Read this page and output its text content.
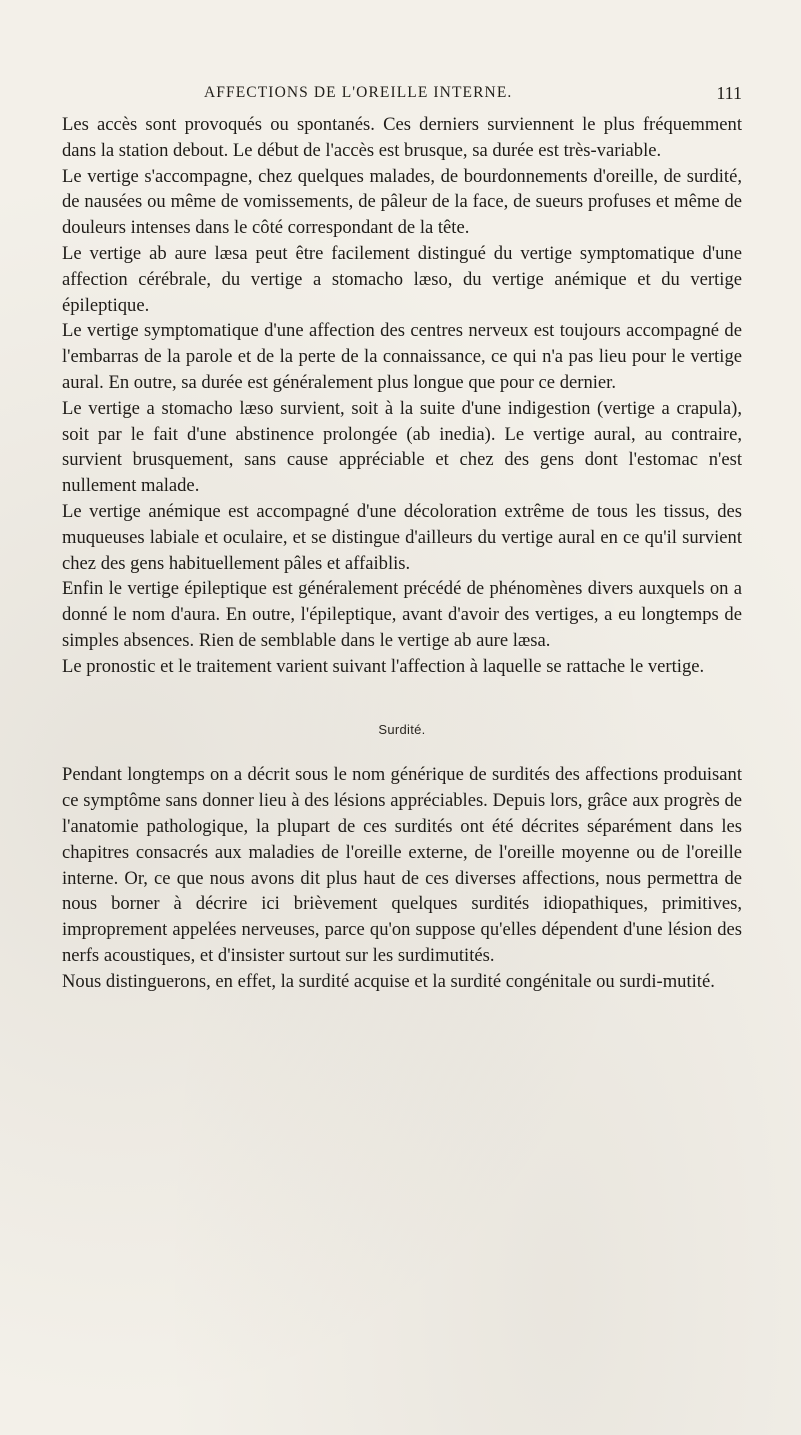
AFFECTIONS DE L'OREILLE INTERNE.	111

Les accès sont provoqués ou spontanés. Ces derniers surviennent le plus fréquemment dans la station debout. Le début de l'accès est brusque, sa durée est très-variable.

Le vertige s'accompagne, chez quelques malades, de bourdonnements d'oreille, de surdité, de nausées ou même de vomissements, de pâleur de la face, de sueurs profuses et même de douleurs intenses dans le côté correspondant de la tête.

Le vertige ab aure læsa peut être facilement distingué du vertige symptomatique d'une affection cérébrale, du vertige a stomacho læso, du vertige anémique et du vertige épileptique.

Le vertige symptomatique d'une affection des centres nerveux est toujours accompagné de l'embarras de la parole et de la perte de la connaissance, ce qui n'a pas lieu pour le vertige aural. En outre, sa durée est généralement plus longue que pour ce dernier.

Le vertige a stomacho læso survient, soit à la suite d'une indigestion (vertige a crapula), soit par le fait d'une abstinence prolongée (ab inedia). Le vertige aural, au contraire, survient brusquement, sans cause appréciable et chez des gens dont l'estomac n'est nullement malade.

Le vertige anémique est accompagné d'une décoloration extrême de tous les tissus, des muqueuses labiale et oculaire, et se distingue d'ailleurs du vertige aural en ce qu'il survient chez des gens habituellement pâles et affaiblis.

Enfin le vertige épileptique est généralement précédé de phénomènes divers auxquels on a donné le nom d'aura. En outre, l'épileptique, avant d'avoir des vertiges, a eu longtemps de simples absences. Rien de semblable dans le vertige ab aure læsa.

Le pronostic et le traitement varient suivant l'affection à laquelle se rattache le vertige.

Surdité.

Pendant longtemps on a décrit sous le nom générique de surdités des affections produisant ce symptôme sans donner lieu à des lésions appréciables. Depuis lors, grâce aux progrès de l'anatomie pathologique, la plupart de ces surdités ont été décrites séparément dans les chapitres consacrés aux maladies de l'oreille externe, de l'oreille moyenne ou de l'oreille interne. Or, ce que nous avons dit plus haut de ces diverses affections, nous permettra de nous borner à décrire ici brièvement quelques surdités idiopathiques, primitives, improprement appelées nerveuses, parce qu'on suppose qu'elles dépendent d'une lésion des nerfs acoustiques, et d'insister surtout sur les surdimutités.

Nous distinguerons, en effet, la surdité acquise et la surdité congénitale ou surdi-mutité.
